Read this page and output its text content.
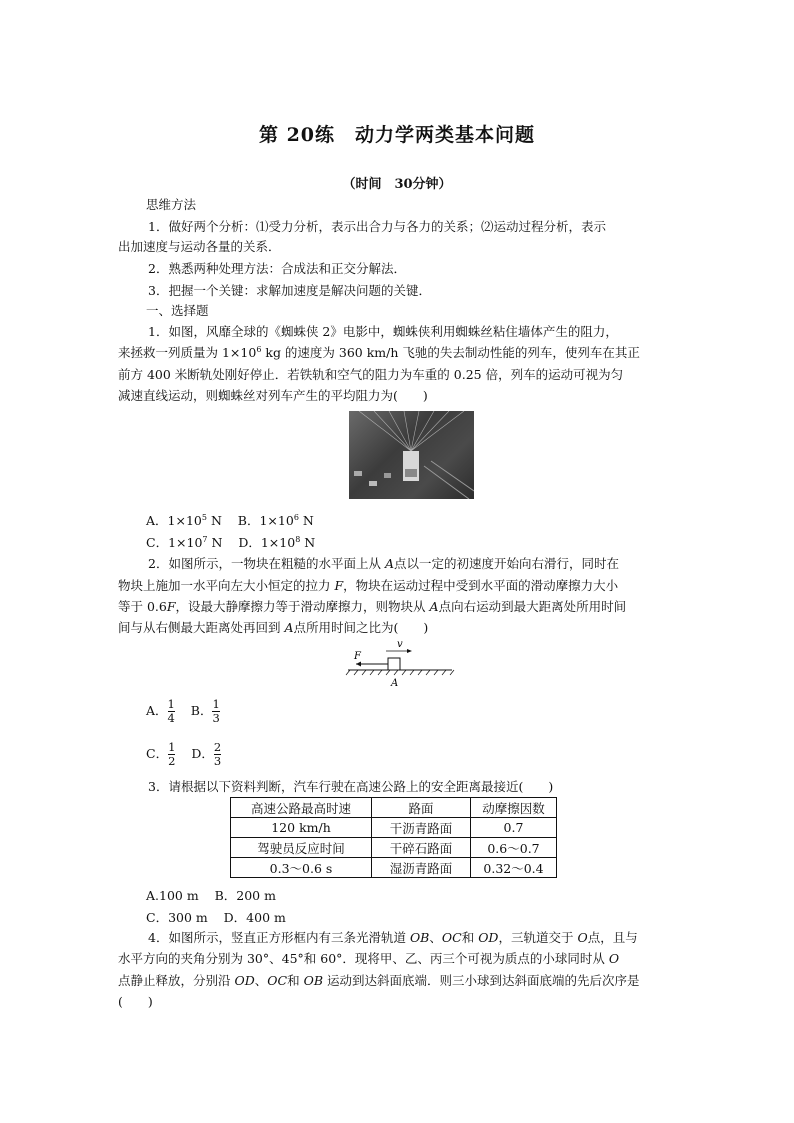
第 20练　动力学两类基本问题
（时间　30分钟）
思维方法
1．做好两个分析：⑴受力分析，表示出合力与各力的关系；⑵运动过程分析，表示
出加速度与运动各量的关系．
2．熟悉两种处理方法：合成法和正交分解法．
3．把握一个关键：求解加速度是解决问题的关键．
一、选择题
1．如图，风靡全球的《蜘蛛侠 2》电影中，蜘蛛侠利用蜘蛛丝粘住墙体产生的阻力，
来拯救一列质量为 $1\times 10^6$ kg 的速度为 360 km/h 飞驰的失去制动性能的列车，使列车在其正
前方 400 米断轨处刚好停止．若铁轨和空气的阻力为车重的 0.25 倍，列车的运动可视为匀
减速直线运动，则蜘蛛丝对列车产生的平均阻力为(　　)
A．$1\times 10^5$ N B．$1\times 10^6$ N
C．$1\times 10^7$ N D．$1\times 10^8$ N
2．如图所示，一物块在粗糙的水平面上从 A点以一定的初速度开始向右滑行，同时在
物块上施加一水平向左大小恒定的拉力 F，物块在运动过程中受到水平面的滑动摩擦力大小
等于 0.6F，设最大静摩擦力等于滑动摩擦力，则物块从 A点向右运动到最大距离处所用时间
间与从右侧最大距离处再回到 A点所用时间之比为(　　)
F
v
A
A． $\frac{1}{4}$ B． $\frac{1}{3}$
C． $\frac{1}{2}$ D． $\frac{2}{3}$
3．请根据以下资料判断，汽车行驶在高速公路上的安全距离最接近(　　)
高速公路最高时速	路面	动摩擦因数
120 km/h	干沥青路面	0.7
驾驶员反应时间	干碎石路面	0.6～0.7
0.3～0.6 s	湿沥青路面	0.32～0.4
A.100 m B．200 m
C．300 m D．400 m
4．如图所示，竖直正方形框内有三条光滑轨道 OB、OC和 OD，三轨道交于 O点，且与
水平方向的夹角分别为 30°、45°和 60°．现将甲、乙、丙三个可视为质点的小球同时从 O
点静止释放，分别沿 OD、OC和 OB 运动到达斜面底端．则三小球到达斜面底端的先后次序是
(　　)
